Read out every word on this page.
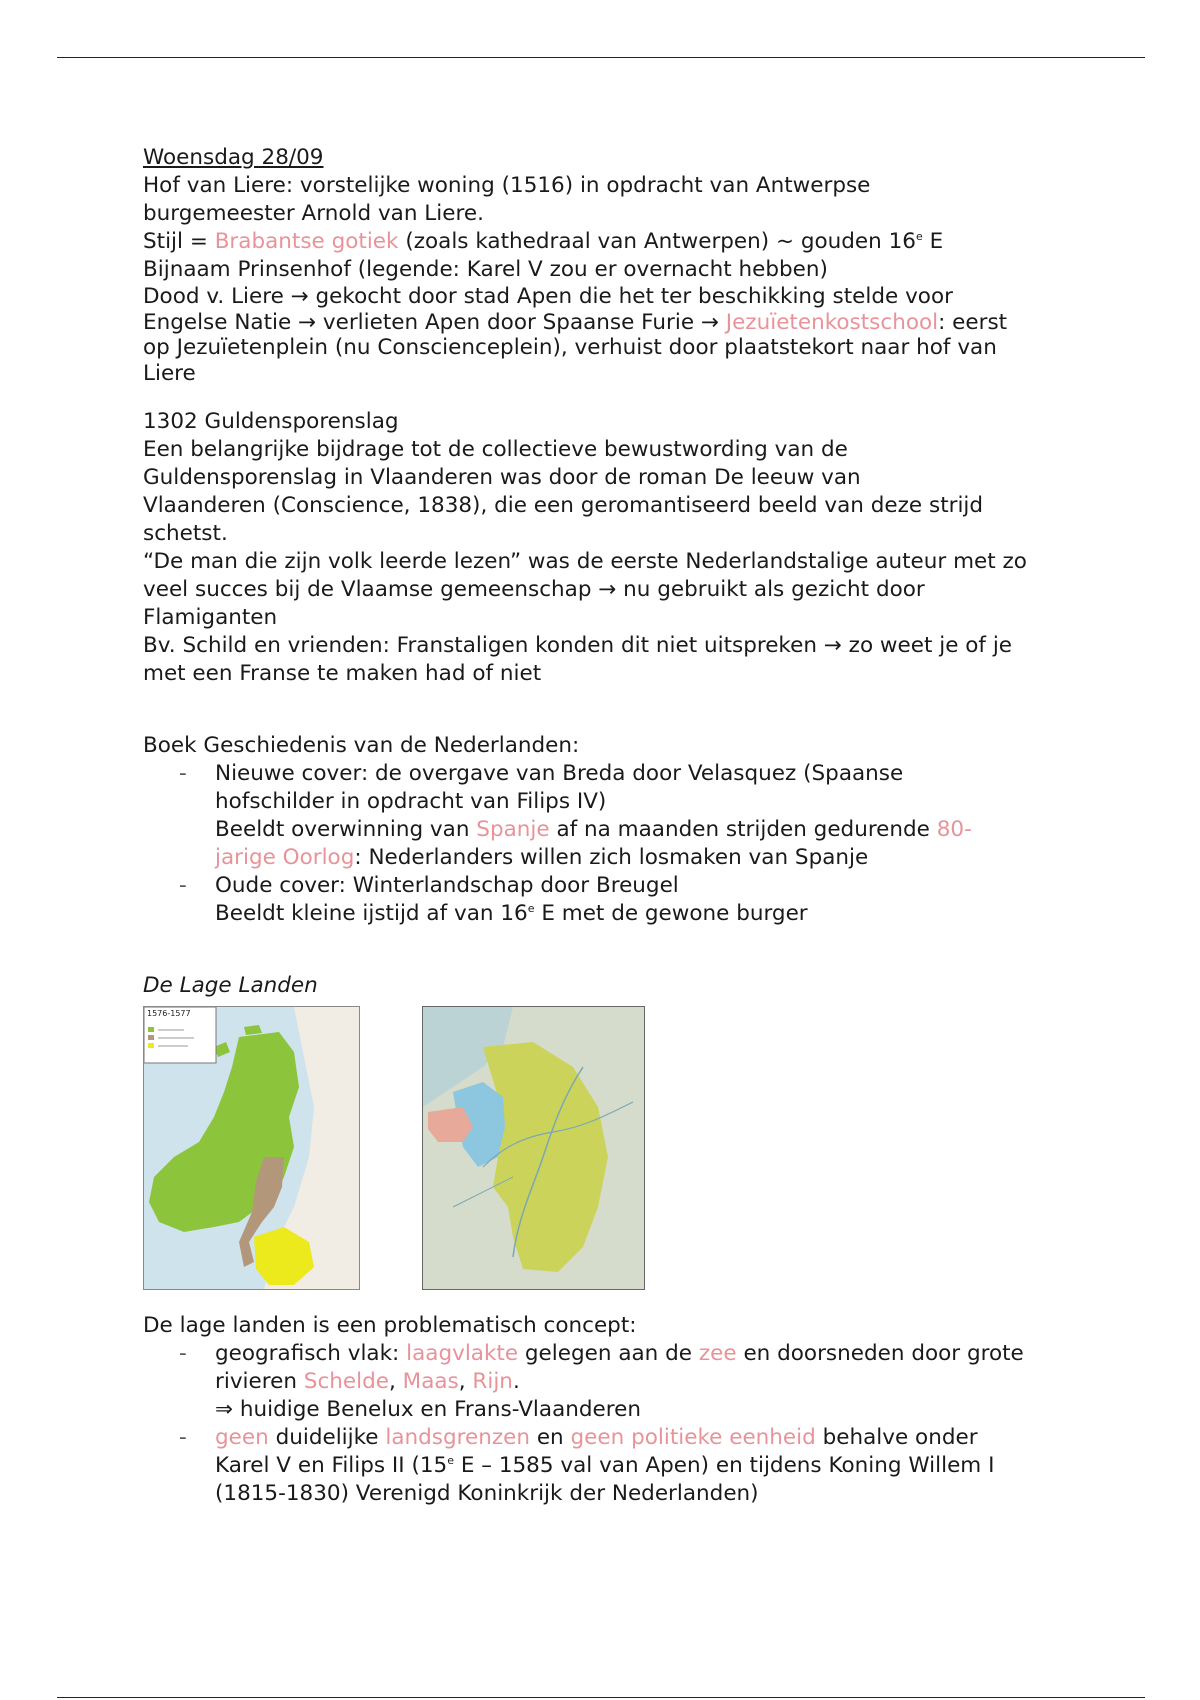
Woensdag 28/09

Hof van Liere: vorstelijke woning (1516) in opdracht van Antwerpse

burgemeester Arnold van Liere.

Stijl = Brabantse gotiek (zoals kathedraal van Antwerpen) ~ gouden 16e E

Bijnaam Prinsenhof (legende: Karel V zou er overnacht hebben)

Dood v. Liere → gekocht door stad Apen die het ter beschikking stelde voor

Engelse Natie → verlieten Apen door Spaanse Furie → Jezuïetenkostschool: eerst

op Jezuïetenplein (nu Conscienceplein), verhuist door plaatstekort naar hof van

Liere

1302 Guldensporenslag

Een belangrijke bijdrage tot de collectieve bewustwording van de

Guldensporenslag in Vlaanderen was door de roman De leeuw van

Vlaanderen (Conscience, 1838), die een geromantiseerd beeld van deze strijd

schetst.

“De man die zijn volk leerde lezen” was de eerste Nederlandstalige auteur met zo

veel succes bij de Vlaamse gemeenschap → nu gebruikt als gezicht door

Flamiganten

Bv. Schild en vrienden: Franstaligen konden dit niet uitspreken → zo weet je of je

met een Franse te maken had of niet

Boek Geschiedenis van de Nederlanden:

- Nieuwe cover: de overgave van Breda door Velasquez (Spaanse

hofschilder in opdracht van Filips IV)

Beeldt overwinning van Spanje af na maanden strijden gedurende 80-

jarige Oorlog: Nederlanders willen zich losmaken van Spanje

- Oude cover: Winterlandschap door Breugel

Beeldt kleine ijstijd af van 16e E met de gewone burger

De Lage Landen

1576-1577

De lage landen is een problematisch concept:

- geografisch vlak: laagvlakte gelegen aan de zee en doorsneden door grote

rivieren Schelde, Maas, Rijn.

⇒ huidige Benelux en Frans-Vlaanderen

- geen duidelijke landsgrenzen en geen politieke eenheid behalve onder

Karel V en Filips II (15e E – 1585 val van Apen) en tijdens Koning Willem I

(1815-1830) Verenigd Koninkrijk der Nederlanden)
